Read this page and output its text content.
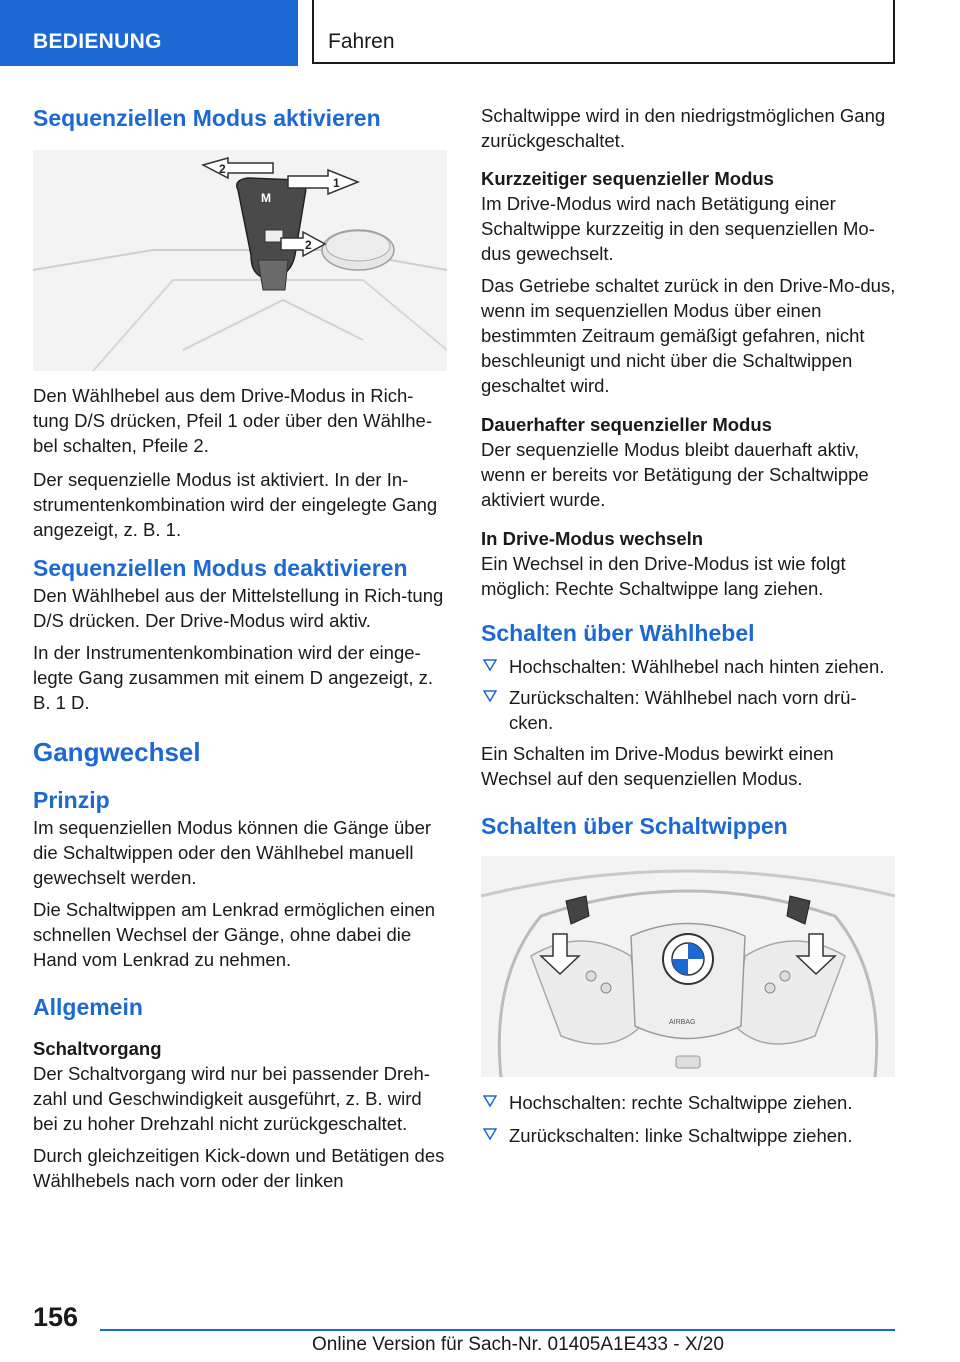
BEDIENUNG	Fahren
Sequenziellen Modus aktivieren
M
2
1
2

Den Wählhebel aus dem Drive-Modus in Rich-tung D/S drücken, Pfeil 1 oder über den Wählhe-bel schalten, Pfeile 2.

Der sequenzielle Modus ist aktiviert. In der In-strumentenkombination wird der eingelegte Gang angezeigt, z. B. 1.

Sequenziellen Modus deaktivieren

Den Wählhebel aus der Mittelstellung in Rich-tung D/S drücken. Der Drive-Modus wird aktiv.

In der Instrumentenkombination wird der einge-legte Gang zusammen mit einem D angezeigt, z. B. 1 D.

Gangwechsel
Prinzip

Im sequenziellen Modus können die Gänge über die Schaltwippen oder den Wählhebel manuell gewechselt werden.

Die Schaltwippen am Lenkrad ermöglichen einen schnellen Wechsel der Gänge, ohne dabei die Hand vom Lenkrad zu nehmen.

Allgemein
Schaltvorgang

Der Schaltvorgang wird nur bei passender Dreh-zahl und Geschwindigkeit ausgeführt, z. B. wird bei zu hoher Drehzahl nicht zurückgeschaltet.

Durch gleichzeitigen Kick-down und Betätigen des Wählhebels nach vorn oder der linken

Schaltwippe wird in den niedrigstmöglichen Gang zurückgeschaltet.

Kurzzeitiger sequenzieller Modus

Im Drive-Modus wird nach Betätigung einer Schaltwippe kurzzeitig in den sequenziellen Mo-dus gewechselt.

Das Getriebe schaltet zurück in den Drive-Mo-dus, wenn im sequenziellen Modus über einen bestimmten Zeitraum gemäßigt gefahren, nicht beschleunigt und nicht über die Schaltwippen geschaltet wird.

Dauerhafter sequenzieller Modus

Der sequenzielle Modus bleibt dauerhaft aktiv, wenn er bereits vor Betätigung der Schaltwippe aktiviert wurde.

In Drive-Modus wechseln

Ein Wechsel in den Drive-Modus ist wie folgt möglich: Rechte Schaltwippe lang ziehen.

Schalten über Wählhebel
Hochschalten: Wählhebel nach hinten ziehen.
Zurückschalten: Wählhebel nach vorn drü-cken.

Ein Schalten im Drive-Modus bewirkt einen Wechsel auf den sequenziellen Modus.

Schalten über Schaltwippen
AIRBAG
Hochschalten: rechte Schaltwippe ziehen.
Zurückschalten: linke Schaltwippe ziehen.
156
Online Version für Sach-Nr. 01405A1E433 - X/20
